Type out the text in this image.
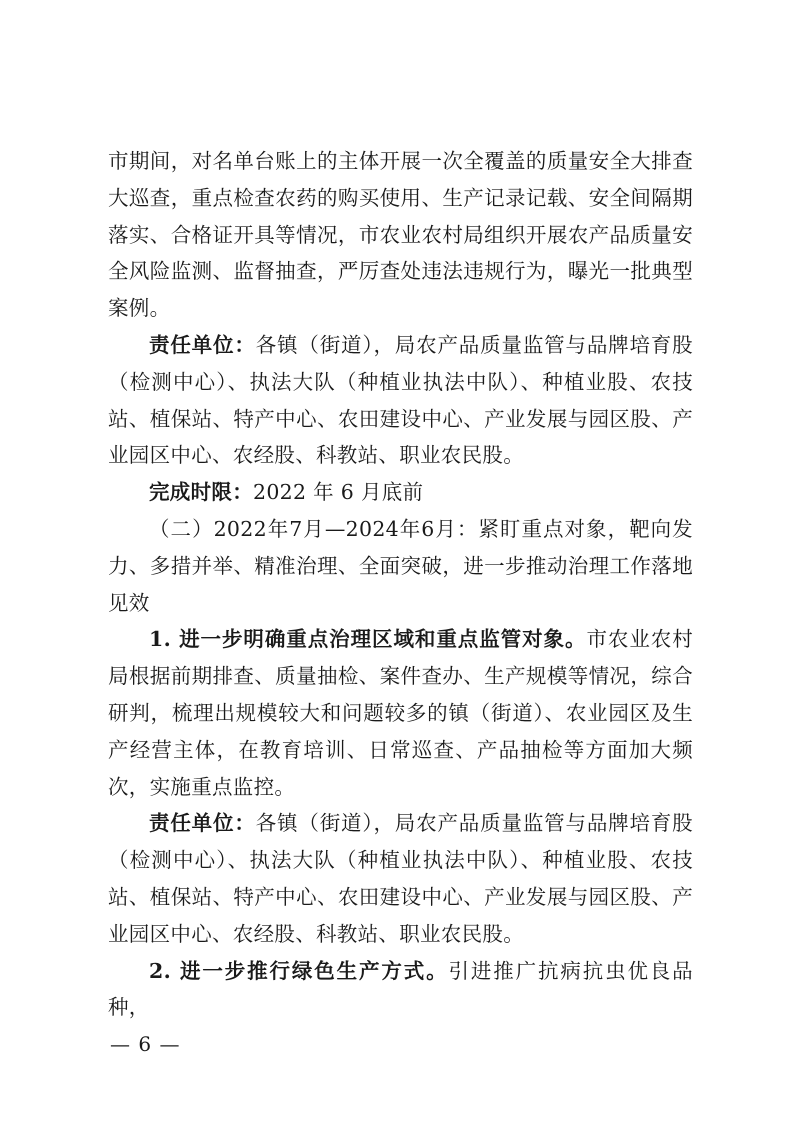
市期间，对名单台账上的主体开展一次全覆盖的质量安全大排查大巡查，重点检查农药的购买使用、生产记录记载、安全间隔期落实、合格证开具等情况，市农业农村局组织开展农产品质量安全风险监测、监督抽查，严厉查处违法违规行为，曝光一批典型案例。

责任单位：各镇（街道），局农产品质量监管与品牌培育股（检测中心）、执法大队（种植业执法中队）、种植业股、农技站、植保站、特产中心、农田建设中心、产业发展与园区股、产业园区中心、农经股、科教站、职业农民股。

完成时限：2022 年 6 月底前

（二）2022年7月—2024年6月：紧盯重点对象，靶向发力、多措并举、精准治理、全面突破，进一步推动治理工作落地见效

1. 进一步明确重点治理区域和重点监管对象。市农业农村局根据前期排查、质量抽检、案件查办、生产规模等情况，综合研判，梳理出规模较大和问题较多的镇（街道）、农业园区及生产经营主体，在教育培训、日常巡查、产品抽检等方面加大频次，实施重点监控。

责任单位：各镇（街道），局农产品质量监管与品牌培育股（检测中心）、执法大队（种植业执法中队）、种植业股、农技站、植保站、特产中心、农田建设中心、产业发展与园区股、产业园区中心、农经股、科教站、职业农民股。

2. 进一步推行绿色生产方式。引进推广抗病抗虫优良品种，

— 6 —
